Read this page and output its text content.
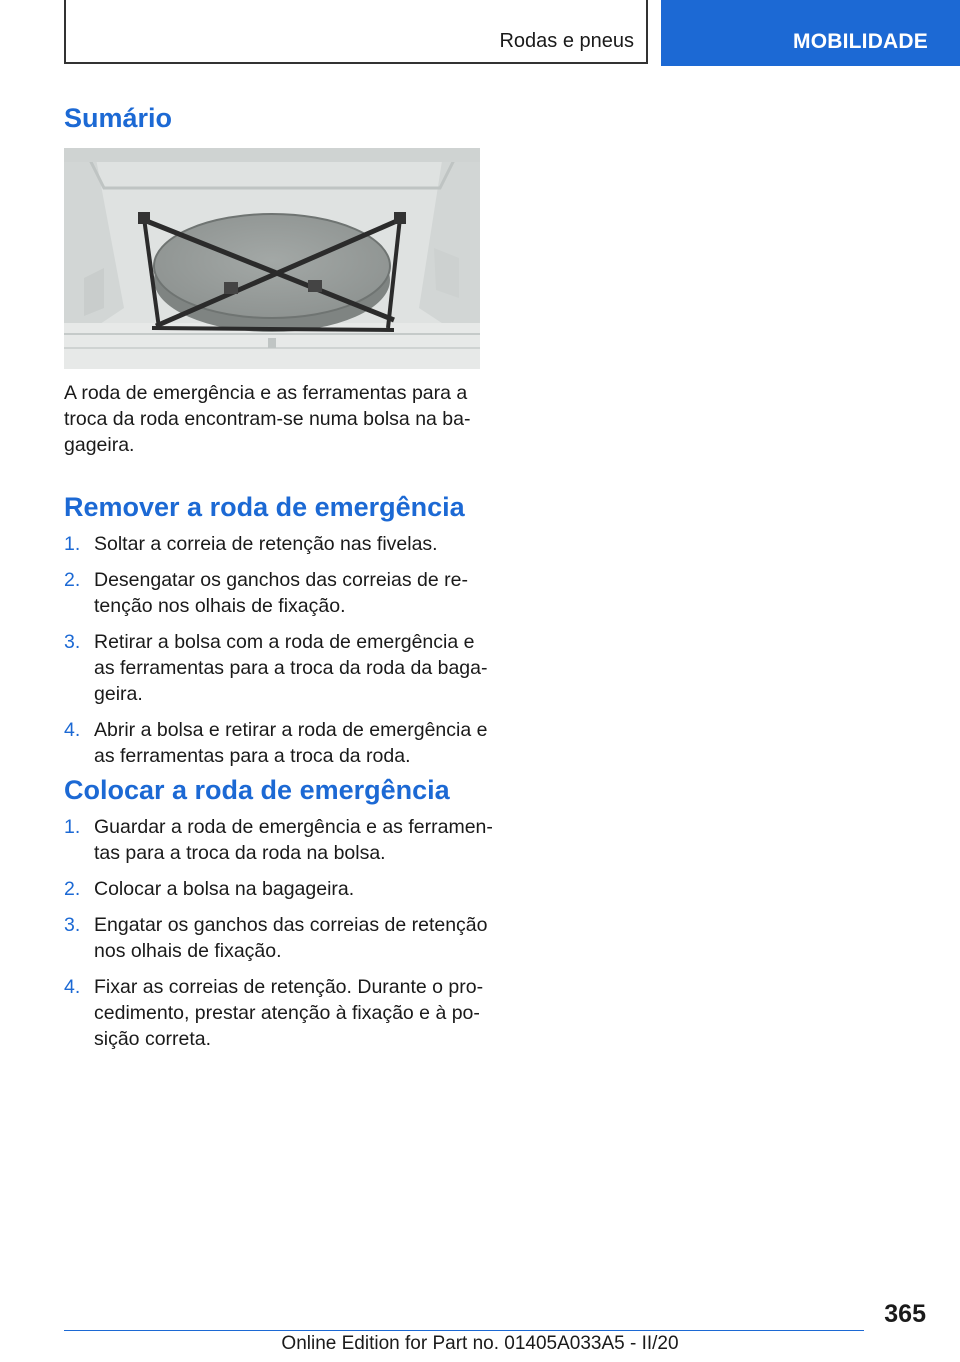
Rodas e pneus	MOBILIDADE
Sumário

A roda de emergência e as ferramentas para a
troca da roda encontram-se numa bolsa na ba-
gageira.

Remover a roda de emergência
1. Soltar a correia de retenção nas fivelas.
2. Desengatar os ganchos das correias de re-
tenção nos olhais de fixação.
3. Retirar a bolsa com a roda de emergência e
as ferramentas para a troca da roda da baga-
geira.
4. Abrir a bolsa e retirar a roda de emergência e
as ferramentas para a troca da roda.
Colocar a roda de emergência
1. Guardar a roda de emergência e as ferramen-
tas para a troca da roda na bolsa.
2. Colocar a bolsa na bagageira.
3. Engatar os ganchos das correias de retenção
nos olhais de fixação.
4. Fixar as correias de retenção. Durante o pro-
cedimento, prestar atenção à fixação e à po-
sição correta.
365
Online Edition for Part no. 01405A033A5 - II/20
